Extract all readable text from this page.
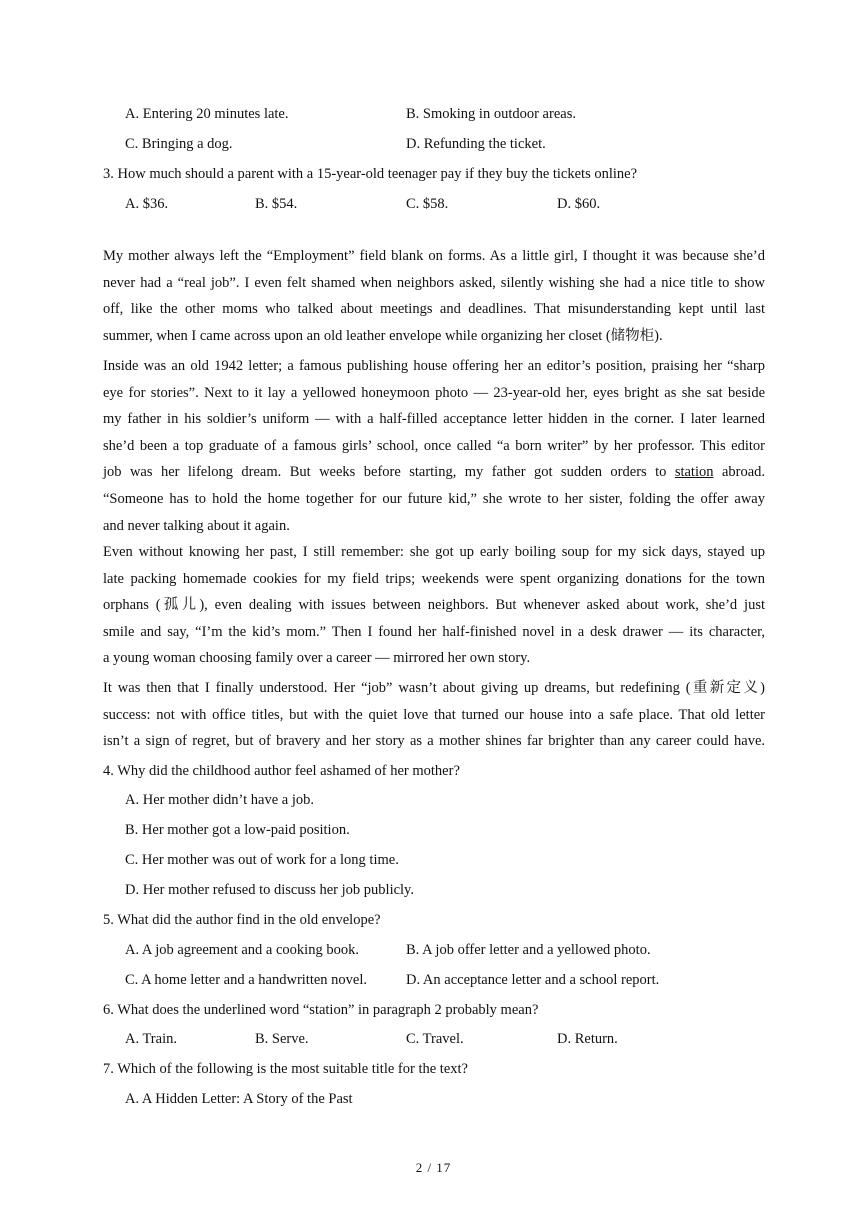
A. Entering 20 minutes late.	B. Smoking in outdoor areas.
C. Bringing a dog.	D. Refunding the ticket.
3. How much should a parent with a 15-year-old teenager pay if they buy the tickets online?
A. $36.	B. $54.	C. $58.	D. $60.
My mother always left the “Employment” field blank on forms. As a little girl, I thought it was because she’d
never had a “real job”. I even felt shamed when neighbors asked, silently wishing she had a nice title to show
off, like the other moms who talked about meetings and deadlines. That misunderstanding kept until last
summer, when I came across upon an old leather envelope while organizing her closet (储物柜).
Inside was an old 1942 letter; a famous publishing house offering her an editor’s position, praising her “sharp
eye for stories”. Next to it lay a yellowed honeymoon photo — 23-year-old her, eyes bright as she sat beside
my father in his soldier’s uniform — with a half-filled acceptance letter hidden in the corner. I later learned
she’d been a top graduate of a famous girls’ school, once called “a born writer” by her professor. This editor
job was her lifelong dream. But weeks before starting, my father got sudden orders to station abroad.
“Someone has to hold the home together for our future kid,” she wrote to her sister, folding the offer away
and never talking about it again.
Even without knowing her past, I still remember: she got up early boiling soup for my sick days, stayed up
late packing homemade cookies for my field trips; weekends were spent organizing donations for the town
orphans (孤儿), even dealing with issues between neighbors. But whenever asked about work, she’d just
smile and say, “I’m the kid’s mom.” Then I found her half-finished novel in a desk drawer — its character,
a young woman choosing family over a career — mirrored her own story.
It was then that I finally understood. Her “job” wasn’t about giving up dreams, but redefining (重新定义)
success: not with office titles, but with the quiet love that turned our house into a safe place. That old letter
isn’t a sign of regret, but of bravery and her story as a mother shines far brighter than any career could have.
4. Why did the childhood author feel ashamed of her mother?
A. Her mother didn’t have a job.
B. Her mother got a low-paid position.
C. Her mother was out of work for a long time.
D. Her mother refused to discuss her job publicly.
5. What did the author find in the old envelope?
A. A job agreement and a cooking book.	B. A job offer letter and a yellowed photo.
C. A home letter and a handwritten novel.	D. An acceptance letter and a school report.
6. What does the underlined word “station” in paragraph 2 probably mean?
A. Train.	B. Serve.	C. Travel.	D. Return.
7. Which of the following is the most suitable title for the text?
A. A Hidden Letter: A Story of the Past
2 / 17
